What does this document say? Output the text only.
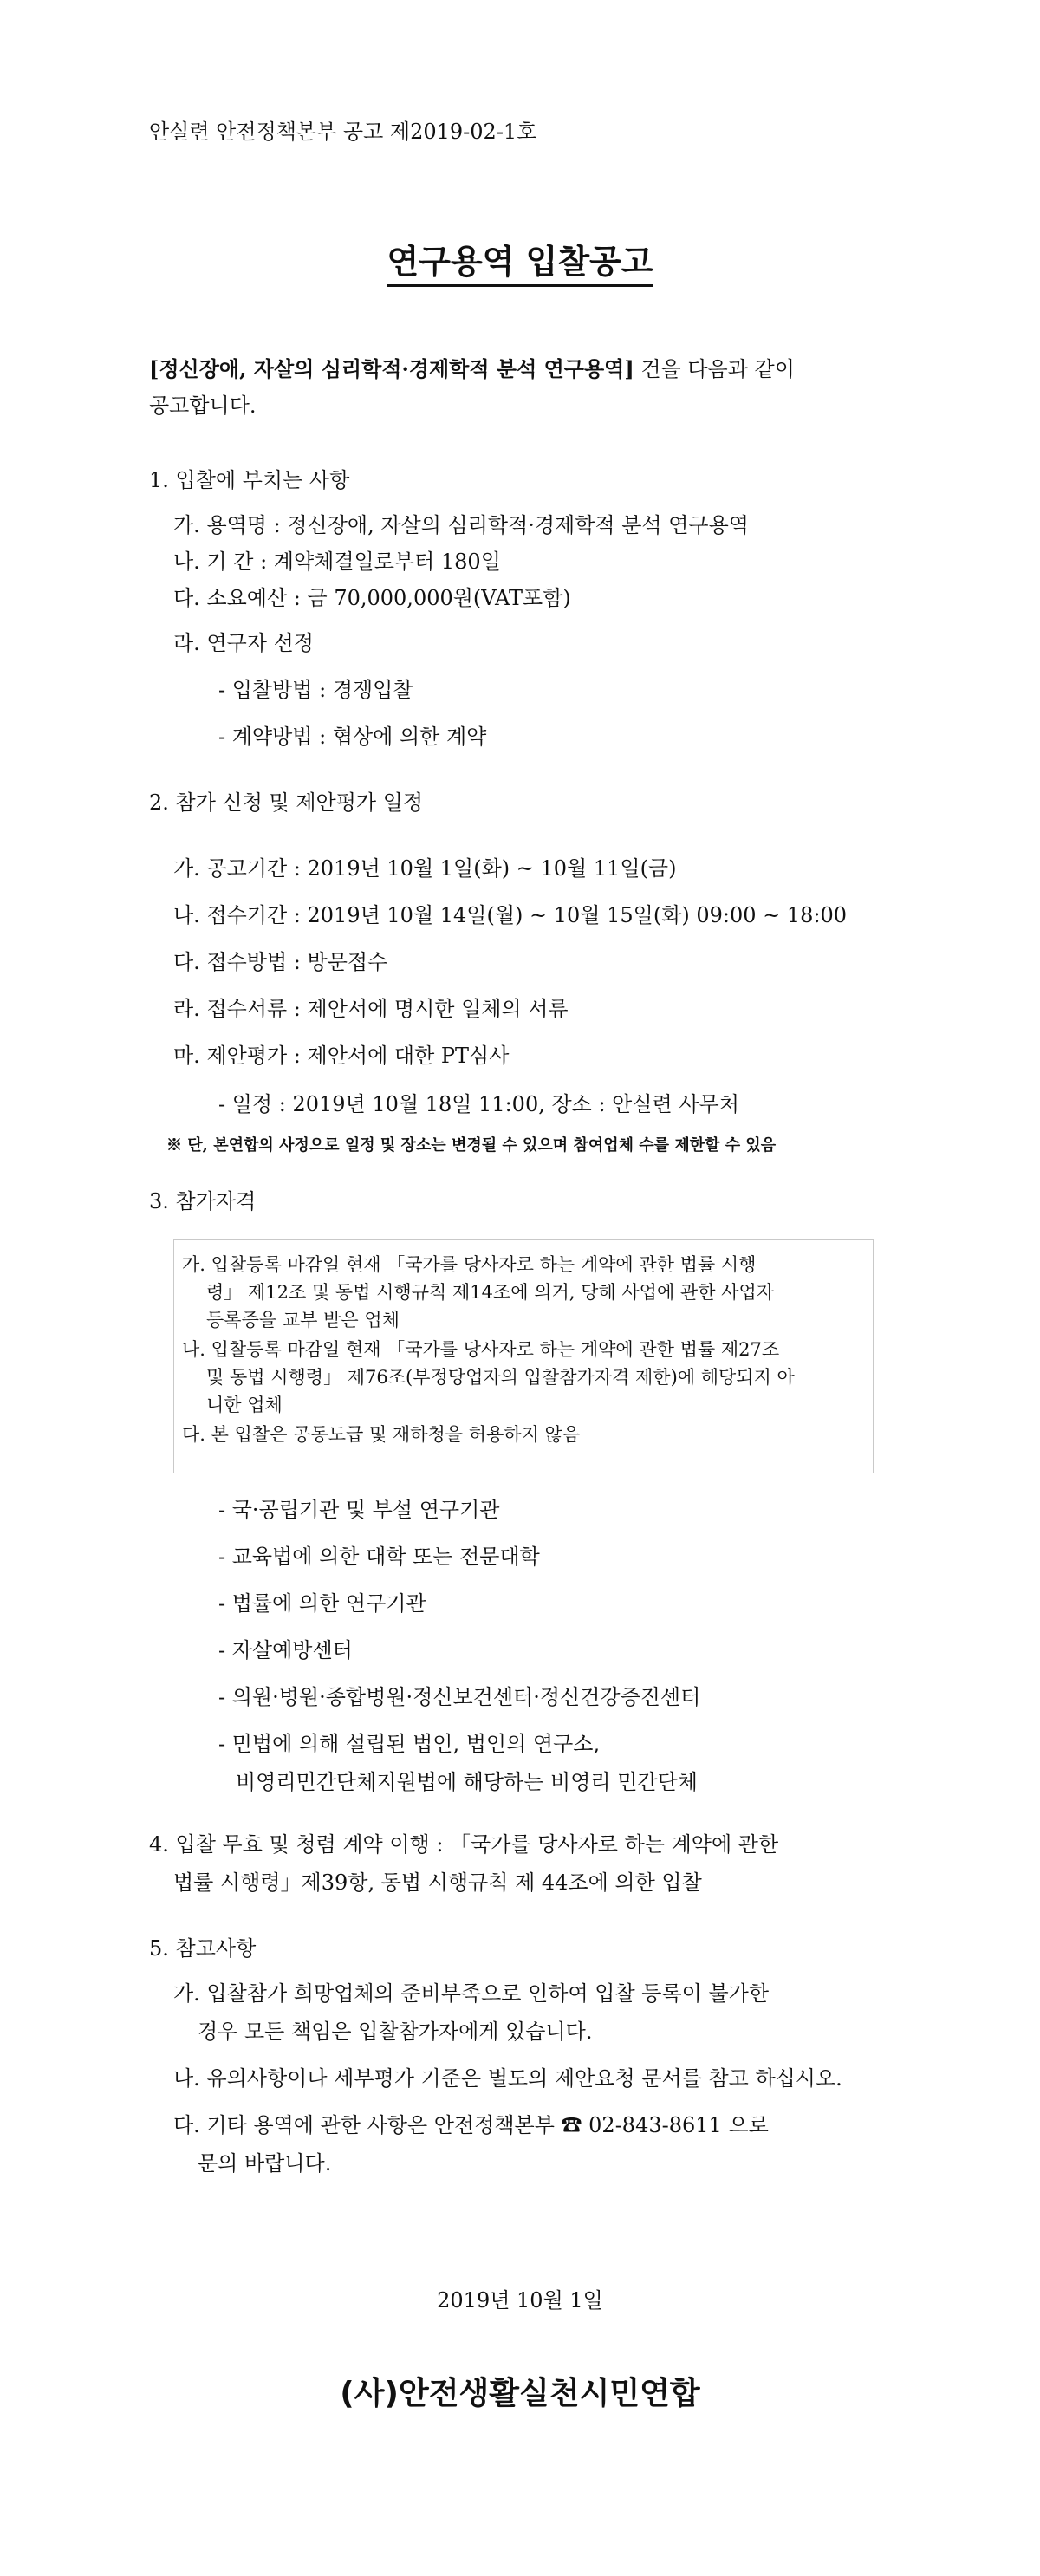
안실련 안전정책본부 공고 제2019-02-1호
연구용역 입찰공고
[정신장애, 자살의 심리학적·경제학적 분석 연구용역] 건을 다음과 같이
공고합니다.
1. 입찰에 부치는 사항
가. 용역명 : 정신장애, 자살의 심리학적·경제학적 분석 연구용역
나. 기 간 : 계약체결일로부터 180일
다. 소요예산 : 금 70,000,000원(VAT포함)
라. 연구자 선정
- 입찰방법 : 경쟁입찰
- 계약방법 : 협상에 의한 계약
2. 참가 신청 및 제안평가 일정
가. 공고기간 : 2019년 10월 1일(화) ~ 10월 11일(금)
나. 접수기간 : 2019년 10월 14일(월) ~ 10월 15일(화) 09:00 ~ 18:00
다. 접수방법 : 방문접수
라. 접수서류 : 제안서에 명시한 일체의 서류
마. 제안평가 : 제안서에 대한 PT심사
- 일정 : 2019년 10월 18일 11:00, 장소 : 안실련 사무처
※ 단, 본연합의 사정으로 일정 및 장소는 변경될 수 있으며 참여업체 수를 제한할 수 있음
3. 참가자격
가. 입찰등록 마감일 현재 「국가를 당사자로 하는 계약에 관한 법률 시행
령」 제12조 및 동법 시행규칙 제14조에 의거, 당해 사업에 관한 사업자
등록증을 교부 받은 업체
나. 입찰등록 마감일 현재 「국가를 당사자로 하는 계약에 관한 법률 제27조
및 동법 시행령」 제76조(부정당업자의 입찰참가자격 제한)에 해당되지 아
니한 업체
다. 본 입찰은 공동도급 및 재하청을 허용하지 않음
- 국·공립기관 및 부설 연구기관
- 교육법에 의한 대학 또는 전문대학
- 법률에 의한 연구기관
- 자살예방센터
- 의원·병원·종합병원·정신보건센터·정신건강증진센터
- 민법에 의해 설립된 법인, 법인의 연구소,
비영리민간단체지원법에 해당하는 비영리 민간단체
4. 입찰 무효 및 청렴 계약 이행 : 「국가를 당사자로 하는 계약에 관한
법률 시행령」제39항, 동법 시행규칙 제 44조에 의한 입찰
5. 참고사항
가. 입찰참가 희망업체의 준비부족으로 인하여 입찰 등록이 불가한
경우 모든 책임은 입찰참가자에게 있습니다.
나. 유의사항이나 세부평가 기준은 별도의 제안요청 문서를 참고 하십시오.
다. 기타 용역에 관한 사항은 안전정책본부 ☎ 02-843-8611 으로
문의 바랍니다.
2019년 10월 1일
(사)안전생활실천시민연합
